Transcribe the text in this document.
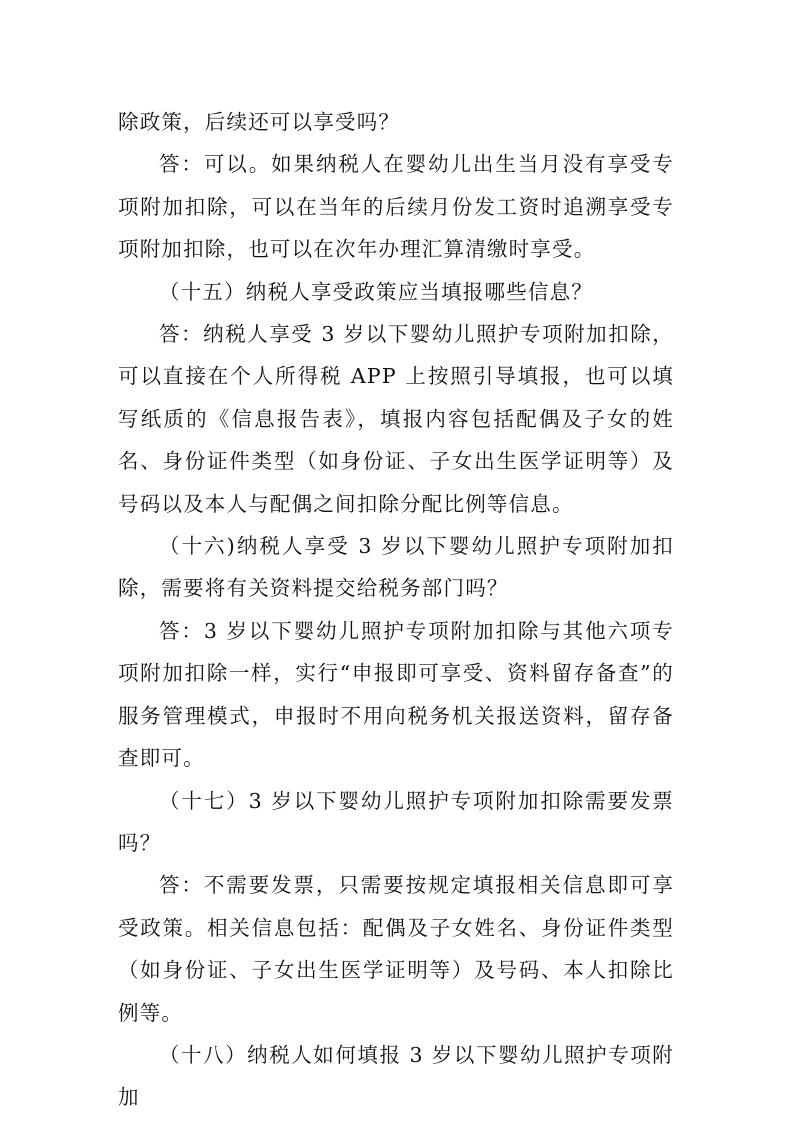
除政策，后续还可以享受吗？

答：可以。如果纳税人在婴幼儿出生当月没有享受专项附加扣除，可以在当年的后续月份发工资时追溯享受专项附加扣除，也可以在次年办理汇算清缴时享受。

（十五）纳税人享受政策应当填报哪些信息？

答：纳税人享受 3 岁以下婴幼儿照护专项附加扣除，可以直接在个人所得税 APP 上按照引导填报，也可以填写纸质的《信息报告表》，填报内容包括配偶及子女的姓名、身份证件类型（如身份证、子女出生医学证明等）及号码以及本人与配偶之间扣除分配比例等信息。

（十六)纳税人享受 3 岁以下婴幼儿照护专项附加扣除，需要将有关资料提交给税务部门吗？

答：3 岁以下婴幼儿照护专项附加扣除与其他六项专项附加扣除一样，实行“申报即可享受、资料留存备查”的服务管理模式，申报时不用向税务机关报送资料，留存备查即可。

（十七）3 岁以下婴幼儿照护专项附加扣除需要发票吗？

答：不需要发票，只需要按规定填报相关信息即可享受政策。相关信息包括：配偶及子女姓名、身份证件类型（如身份证、子女出生医学证明等）及号码、本人扣除比例等。

（十八）纳税人如何填报 3 岁以下婴幼儿照护专项附加
